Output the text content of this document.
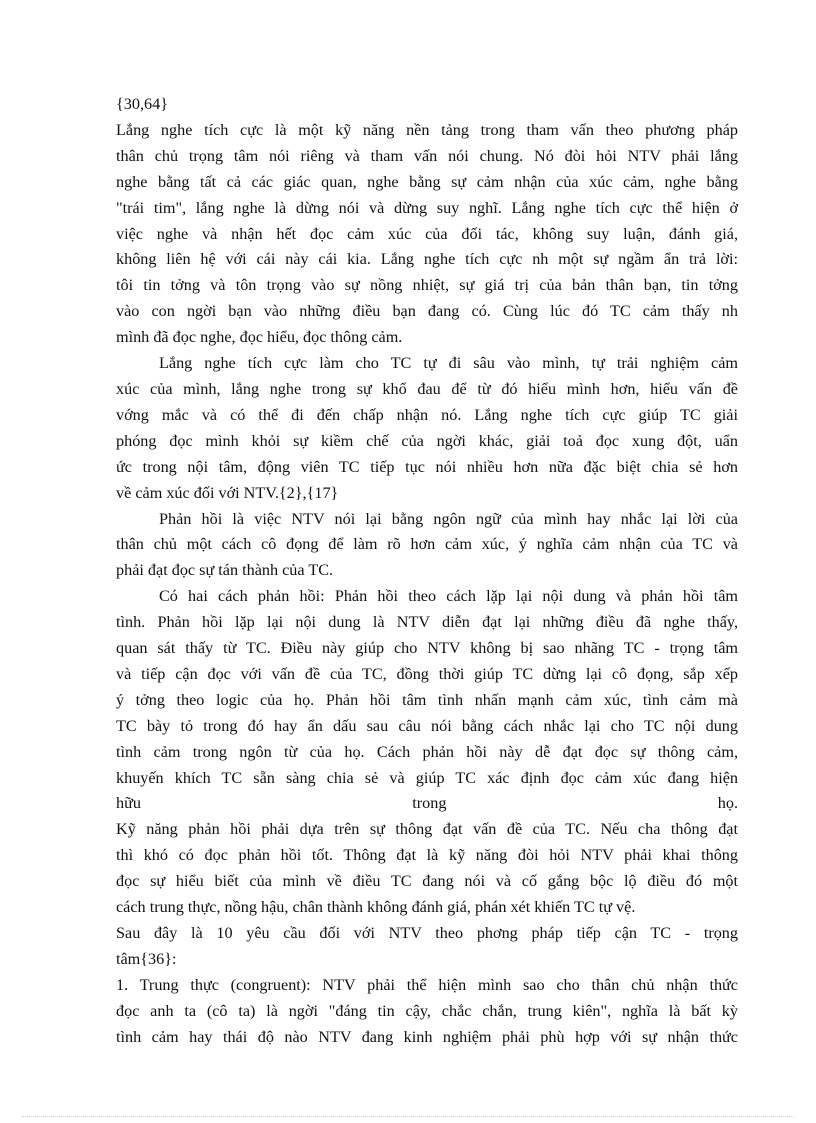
{30,64}
Lắng nghe tích cực là một kỹ năng nền tảng trong tham vấn theo phương pháp
thân chủ trọng tâm nói riêng và tham vấn nói chung. Nó đòi hỏi NTV phải lắng
nghe bằng tất cả các giác quan, nghe bằng sự cảm nhận của xúc cảm, nghe bằng
"trái tim", lắng nghe là dừng nói và dừng suy nghĩ. Lắng nghe tích cực thể hiện ở
việc nghe và nhận hết đọc cảm xúc của đối tác, không suy luận, đánh giá,
không liên hệ với cái này cái kia. Lắng nghe tích cực nh một sự ngầm ẩn trả lời:
tôi tin tởng và tôn trọng vào sự nồng nhiệt, sự giá trị của bản thân bạn, tin tởng
vào con ngời bạn vào những điều bạn đang có. Cùng lúc đó TC cảm thấy nh
mình đã đọc nghe, đọc hiểu, đọc thông cảm.
Lắng nghe tích cực làm cho TC tự đi sâu vào mình, tự trải nghiệm cảm
xúc của mình, lắng nghe trong sự khổ đau để từ đó hiểu mình hơn, hiểu vấn đề
vớng mắc và có thể đi đến chấp nhận nó. Lắng nghe tích cực giúp TC giải
phóng đọc mình khỏi sự kiềm chế của ngời khác, giải toả đọc xung đột, uẩn
ức trong nội tâm, động viên TC tiếp tục nói nhiều hơn nữa đặc biệt chia sẻ hơn
về cảm xúc đối với NTV.{2},{17}
Phản hồi là việc NTV nói lại bằng ngôn ngữ của mình hay nhắc lại lời của
thân chủ một cách cô đọng để làm rõ hơn cảm xúc, ý nghĩa cảm nhận của TC và
phải đạt đọc sự tán thành của TC.
Có hai cách phản hồi: Phản hồi theo cách lặp lại nội dung và phản hồi tâm
tình. Phản hồi lặp lại nội dung là NTV diễn đạt lại những điều đã nghe thấy,
quan sát thấy từ TC. Điều này giúp cho NTV không bị sao nhãng TC - trọng tâm
và tiếp cận đọc với vấn đề của TC, đồng thời giúp TC dừng lại cô đọng, sắp xếp
ý tởng theo logic của họ. Phản hồi tâm tình nhấn mạnh cảm xúc, tình cảm mà
TC bày tỏ trong đó hay ẩn dấu sau câu nói bằng cách nhắc lại cho TC nội dung
tình cảm trong ngôn từ của họ. Cách phản hồi này dễ đạt đọc sự thông cảm,
khuyến khích TC sẵn sàng chia sẻ và giúp TC xác định đọc cảm xúc đang hiện
hữu trong họ.
Kỹ năng phản hồi phải dựa trên sự thông đạt vấn đề của TC. Nếu cha thông đạt
thì khó có đọc phản hồi tốt. Thông đạt là kỹ năng đòi hỏi NTV phải khai thông
đọc sự hiểu biết của mình về điều TC đang nói và cố gắng bộc lộ điều đó một
cách trung thực, nồng hậu, chân thành không đánh giá, phán xét khiến TC tự vệ.
Sau đây là 10 yêu cầu đối với NTV theo phơng pháp tiếp cận TC - trọng
tâm{36}:
1. Trung thực (congruent): NTV phải thể hiện mình sao cho thân chủ nhận thức
đọc anh ta (cô ta) là ngời "đáng tin cậy, chắc chắn, trung kiên", nghĩa là bất kỳ
tình cảm hay thái độ nào NTV đang kinh nghiệm phải phù hợp với sự nhận thức
